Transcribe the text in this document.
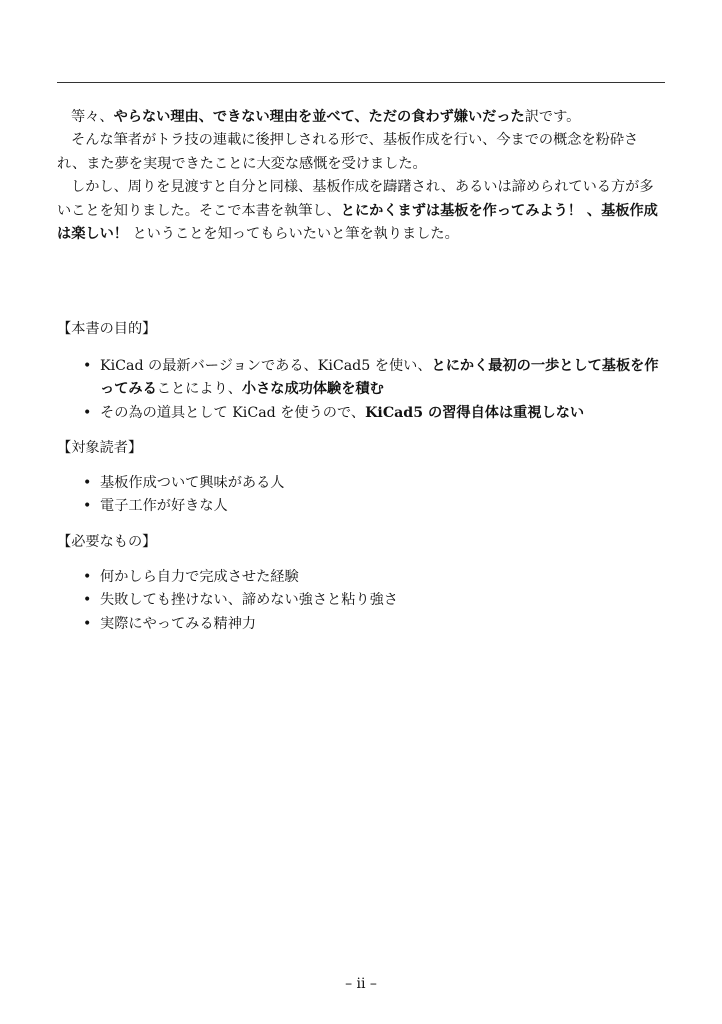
等々、やらない理由、できない理由を並べて、ただの食わず嫌いだった訳です。

そんな筆者がトラ技の連載に後押しされる形で、基板作成を行い、今までの概念を粉砕され、また夢を実現できたことに大変な感慨を受けました。

しかし、周りを見渡すと自分と同様、基板作成を躊躇され、あるいは諦められている方が多いことを知りました。そこで本書を執筆し、とにかくまずは基板を作ってみよう！ 、基板作成は楽しい！ ということを知ってもらいたいと筆を執りました。

【本書の目的】
• KiCad の最新バージョンである、KiCad5 を使い、とにかく最初の一歩として基板を作ってみることにより、小さな成功体験を積む
• その為の道具として KiCad を使うので、KiCad5 の習得自体は重視しない
【対象読者】
• 基板作成ついて興味がある人
• 電子工作が好きな人
【必要なもの】
• 何かしら自力で完成させた経験
• 失敗しても挫けない、諦めない強さと粘り強さ
• 実際にやってみる精神力
– ii –
